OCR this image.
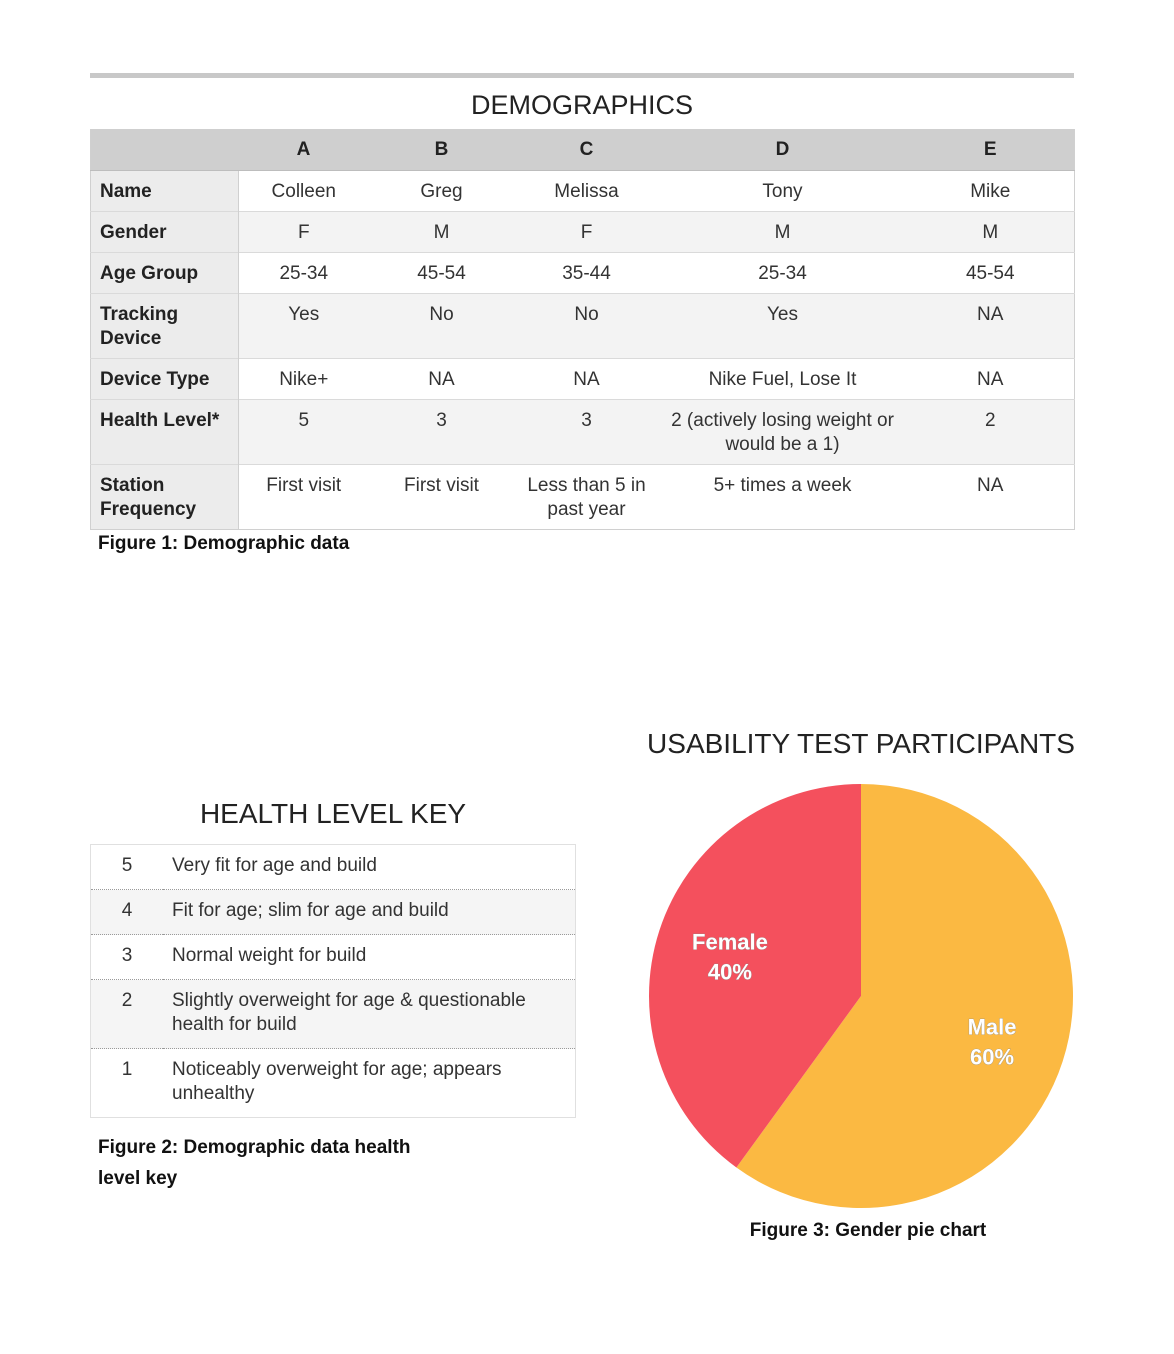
DEMOGRAPHICS
	A	B	C	D	E
Name	Colleen	Greg	Melissa	Tony	Mike
Gender	F	M	F	M	M
Age Group	25-34	45-54	35-44	25-34	45-54
Tracking Device	Yes	No	No	Yes	NA
Device Type	Nike+	NA	NA	Nike Fuel, Lose It	NA
Health Level*	5	3	3	2 (actively losing weight or would be a 1)	2
Station Frequency	First visit	First visit	Less than 5 in past year	5+ times a week	NA
Figure 1: Demographic data
HEALTH LEVEL KEY
5	Very fit for age and build
4	Fit for age; slim for age and build
3	Normal weight for build
2	Slightly overweight for age & questionable health for build
1	Noticeably overweight for age; appears unhealthy
Figure 2: Demographic data health level key
USABILITY TEST PARTICIPANTS
Male
60%
Female
40%
Figure 3: Gender pie chart
